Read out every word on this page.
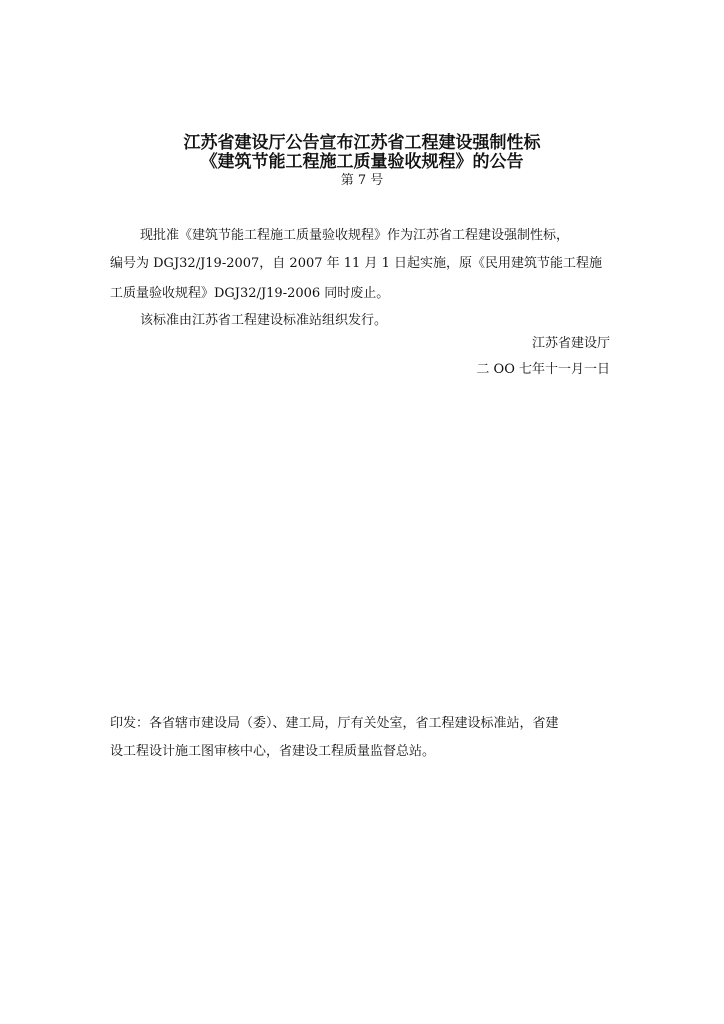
江苏省建设厅公告宣布江苏省工程建设强制性标
《建筑节能工程施工质量验收规程》的公告
第 7 号
现批准《建筑节能工程施工质量验收规程》作为江苏省工程建设强制性标，
编号为 DGJ32/J19-2007，自 2007 年 11 月 1 日起实施，原《民用建筑节能工程施
工质量验收规程》DGJ32/J19-2006 同时废止。
该标准由江苏省工程建设标准站组织发行。
江苏省建设厅
二 OO 七年十一月一日
印发：各省辖市建设局（委）、建工局，厅有关处室，省工程建设标准站，省建
设工程设计施工图审核中心，省建设工程质量监督总站。
